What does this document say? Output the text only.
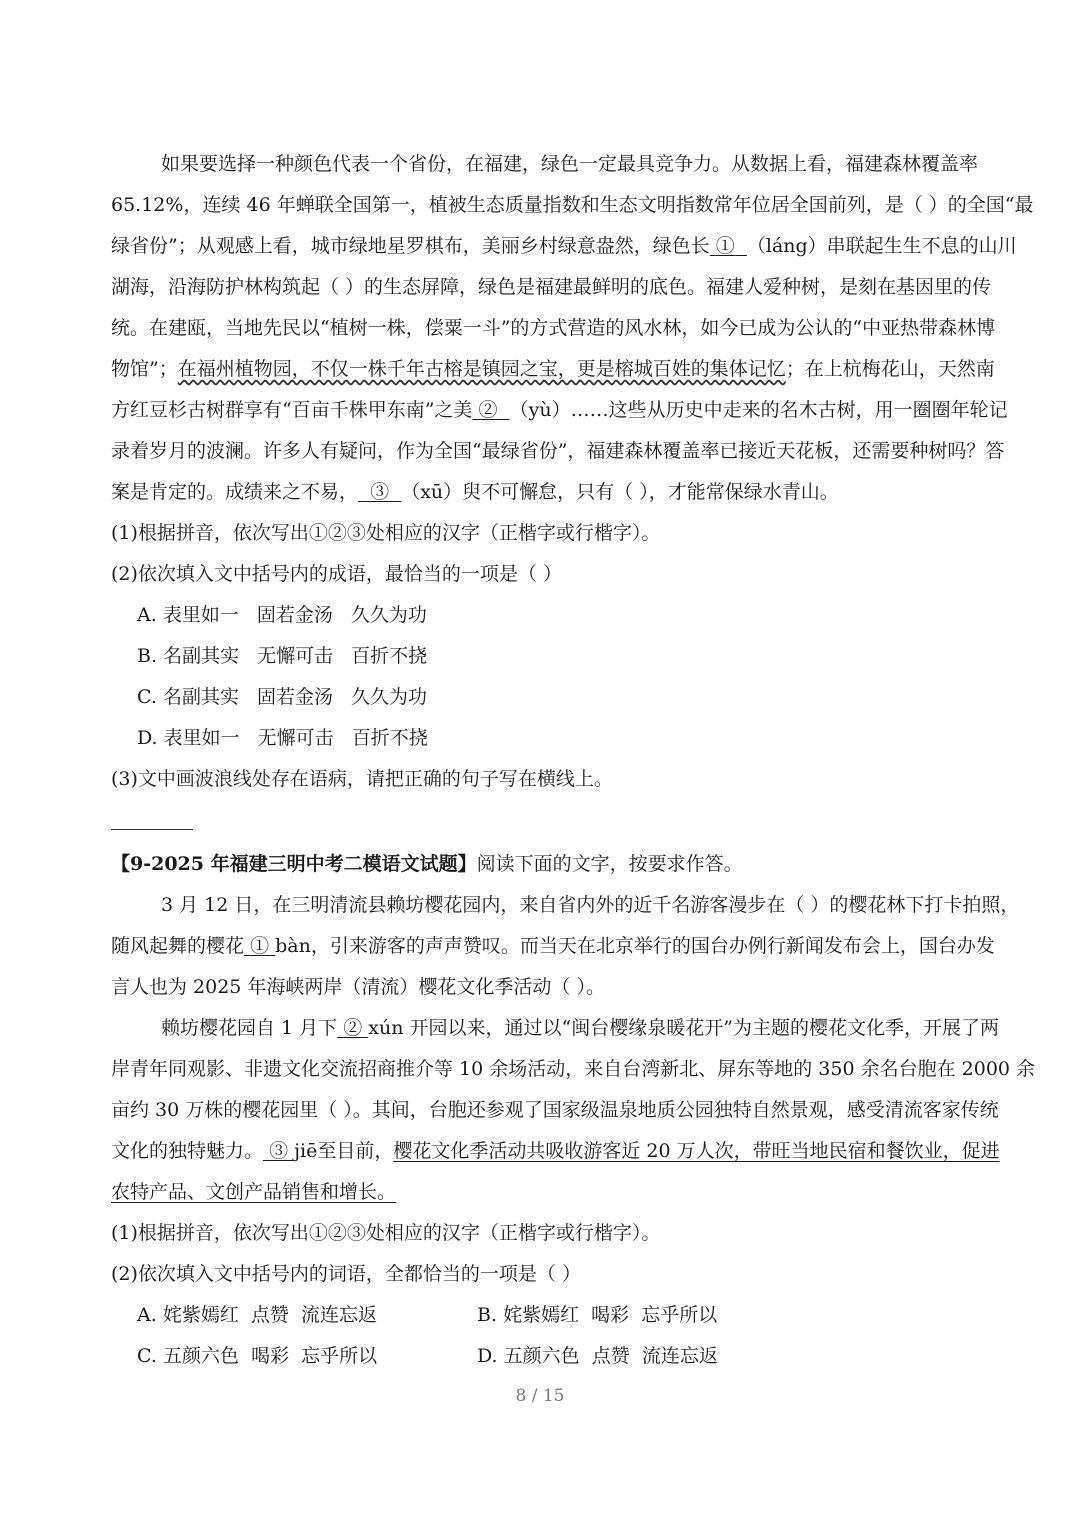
如果要选择一种颜色代表一个省份，在福建，绿色一定最具竞争力。从数据上看，福建森林覆盖率
65.12%，连续 46 年蝉联全国第一，植被生态质量指数和生态文明指数常年位居全国前列，是（ ）的全国“最
绿省份”；从观感上看，城市绿地星罗棋布，美丽乡村绿意盎然，绿色长 ① （láng）串联起生生不息的山川
湖海，沿海防护林构筑起（ ）的生态屏障，绿色是福建最鲜明的底色。福建人爱种树，是刻在基因里的传
统。在建瓯，当地先民以“植树一株，偿粟一斗”的方式营造的风水林，如今已成为公认的“中亚热带森林博
物馆”；在福州植物园，不仅一株千年古榕是镇园之宝，更是榕城百姓的集体记忆；在上杭梅花山，天然南
方红豆杉古树群享有“百亩千株甲东南”之美 ② （yù）……这些从历史中走来的名木古树，用一圈圈年轮记
录着岁月的波澜。许多人有疑问，作为全国“最绿省份”，福建森林覆盖率已接近天花板，还需要种树吗？答
案是肯定的。成绩来之不易， ③ （xū）臾不可懈怠，只有（ ），才能常保绿水青山。
(1)根据拼音，依次写出①②③处相应的汉字（正楷字或行楷字）。
(2)依次填入文中括号内的成语，最恰当的一项是（ ）
A. 表里如一 固若金汤 久久为功
B. 名副其实 无懈可击 百折不挠
C. 名副其实 固若金汤 久久为功
D. 表里如一 无懈可击 百折不挠
(3)文中画波浪线处存在语病，请把正确的句子写在横线上。
【9-2025 年福建三明中考二模语文试题】阅读下面的文字，按要求作答。
3 月 12 日，在三明清流县赖坊樱花园内，来自省内外的近千名游客漫步在（ ）的樱花林下打卡拍照，
随风起舞的樱花 ① bàn，引来游客的声声赞叹。而当天在北京举行的国台办例行新闻发布会上，国台办发
言人也为 2025 年海峡两岸（清流）樱花文化季活动（ ）。
赖坊樱花园自 1 月下 ② xún 开园以来，通过以“闽台樱缘泉暖花开”为主题的樱花文化季，开展了两
岸青年同观影、非遗文化交流招商推介等 10 余场活动，来自台湾新北、屏东等地的 350 余名台胞在 2000 余
亩约 30 万株的樱花园里（ ）。其间，台胞还参观了国家级温泉地质公园独特自然景观，感受清流客家传统
文化的独特魅力。 ③ jiē至目前，樱花文化季活动共吸收游客近 20 万人次，带旺当地民宿和餐饮业，促进
农特产品、文创产品销售和增长。
(1)根据拼音，依次写出①②③处相应的汉字（正楷字或行楷字）。
(2)依次填入文中括号内的词语，全都恰当的一项是（ ）
A. 姹紫嫣红 点赞 流连忘返	B. 姹紫嫣红 喝彩 忘乎所以
C. 五颜六色 喝彩 忘乎所以	D. 五颜六色 点赞 流连忘返
8 / 15
